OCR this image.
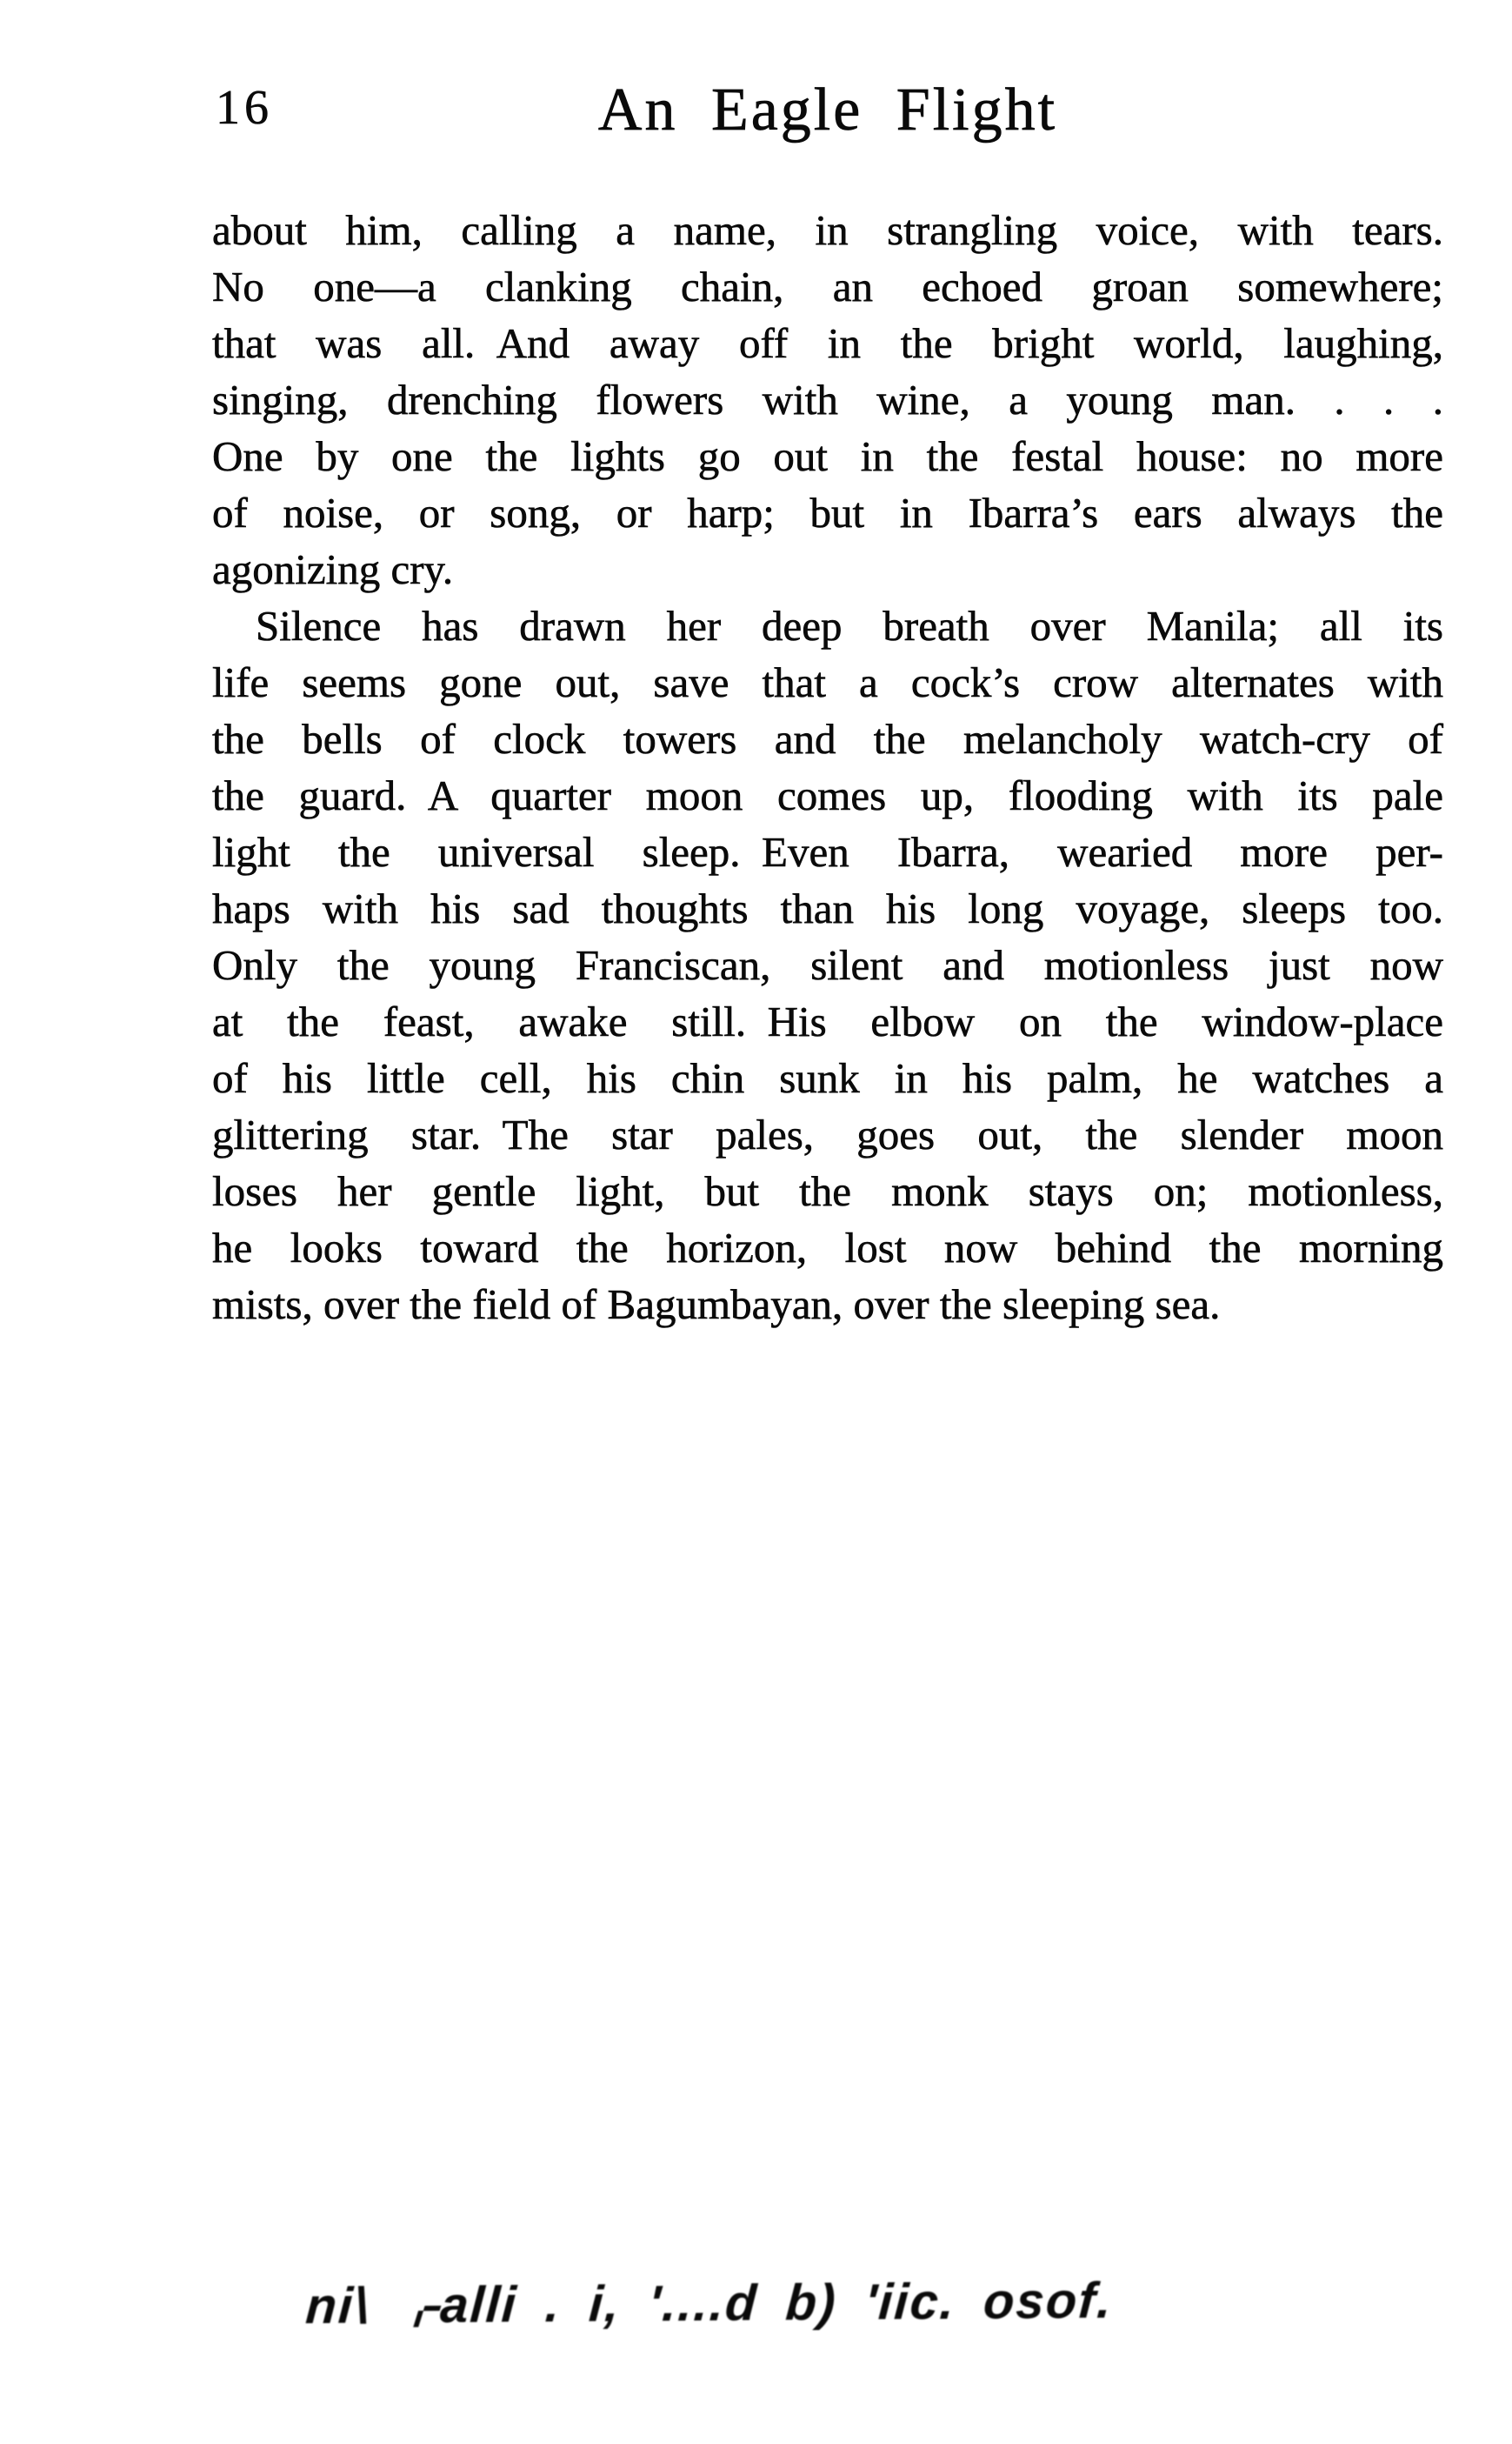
16	An Eagle Flight
about him, calling a name, in strangling voice, with tears.
No one—a clanking chain, an echoed groan somewhere;
that was all. And away off in the bright world, laughing,
singing, drenching flowers with wine, a young man. . . .
One by one the lights go out in the festal house: no more
of noise, or song, or harp; but in Ibarra’s ears always the
agonizing cry.
Silence has drawn her deep breath over Manila; all its
life seems gone out, save that a cock’s crow alternates with
the bells of clock towers and the melancholy watch-cry of
the guard. A quarter moon comes up, flooding with its pale
light the universal sleep. Even Ibarra, wearied more per-
haps with his sad thoughts than his long voyage, sleeps too.
Only the young Franciscan, silent and motionless just now
at the feast, awake still. His elbow on the window-place
of his little cell, his chin sunk in his palm, he watches a
glittering star. The star pales, goes out, the slender moon
loses her gentle light, but the monk stays on; motionless,
he looks toward the horizon, lost now behind the morning
mists, over the field of Bagumbayan, over the sleeping sea.
ni\ ⌌alli . i, '....d b) 'iic. osof.
